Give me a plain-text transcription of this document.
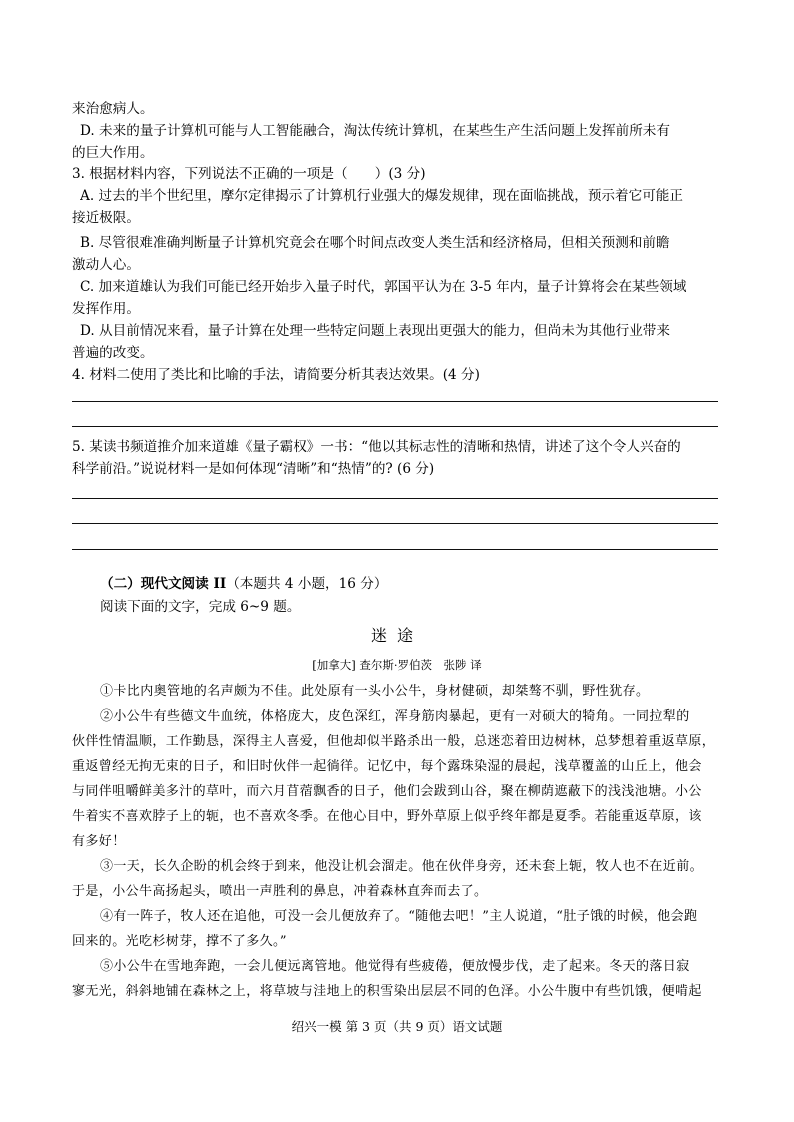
来治愈病人。
D. 未来的量子计算机可能与人工智能融合，淘汰传统计算机，在某些生产生活问题上发挥前所未有
的巨大作用。
3. 根据材料内容，下列说法不正确的一项是（　　）(3 分)
A. 过去的半个世纪里，摩尔定律揭示了计算机行业强大的爆发规律，现在面临挑战，预示着它可能正
接近极限。
B. 尽管很难准确判断量子计算机究竟会在哪个时间点改变人类生活和经济格局，但相关预测和前瞻
激动人心。
C. 加来道雄认为我们可能已经开始步入量子时代，郭国平认为在 3-5 年内，量子计算将会在某些领域
发挥作用。
D. 从目前情况来看，量子计算在处理一些特定问题上表现出更强大的能力，但尚未为其他行业带来
普遍的改变。
4. 材料二使用了类比和比喻的手法，请简要分析其表达效果。(4 分)
5. 某读书频道推介加来道雄《量子霸权》一书：“他以其标志性的清晰和热情，讲述了这个令人兴奋的
科学前沿。”说说材料一是如何体现“清晰”和“热情”的? (6 分)
（二）现代文阅读 II（本题共 4 小题，16 分）
阅读下面的文字，完成 6~9 题。
迷途
[加拿大] 查尔斯·罗伯茨　张陟 译
①卡比内奥管地的名声颇为不佳。此处原有一头小公牛，身材健硕，却桀骜不驯，野性犹存。
②小公牛有些德文牛血统，体格庞大，皮色深红，浑身筋肉暴起，更有一对硕大的犄角。一同拉犁的
伙伴性情温顺，工作勤恳，深得主人喜爱，但他却似半路杀出一般，总迷恋着田边树林，总梦想着重返草原，
重返曾经无拘无束的日子，和旧时伙伴一起徜徉。记忆中，每个露珠染湿的晨起，浅草覆盖的山丘上，他会
与同伴咀嚼鲜美多汁的草叶，而六月苜蓿飘香的日子，他们会跋到山谷，聚在柳荫遮蔽下的浅浅池塘。小公
牛着实不喜欢脖子上的轭，也不喜欢冬季。在他心目中，野外草原上似乎终年都是夏季。若能重返草原，该
有多好！
③一天，长久企盼的机会终于到来，他没让机会溜走。他在伙伴身旁，还未套上轭，牧人也不在近前。
于是，小公牛高扬起头，喷出一声胜利的鼻息，冲着森林直奔而去了。
④有一阵子，牧人还在追他，可没一会儿便放弃了。“随他去吧！”主人说道，“肚子饿的时候，他会跑
回来的。光吃杉树芽，撑不了多久。”
⑤小公牛在雪地奔跑，一会儿便远离管地。他觉得有些疲倦，便放慢步伐，走了起来。冬天的落日寂
寥无光，斜斜地铺在森林之上，将草坡与洼地上的积雪染出层层不同的色泽。小公牛腹中有些饥饿，便啃起
绍兴一模 第 3 页（共 9 页）语文试题
